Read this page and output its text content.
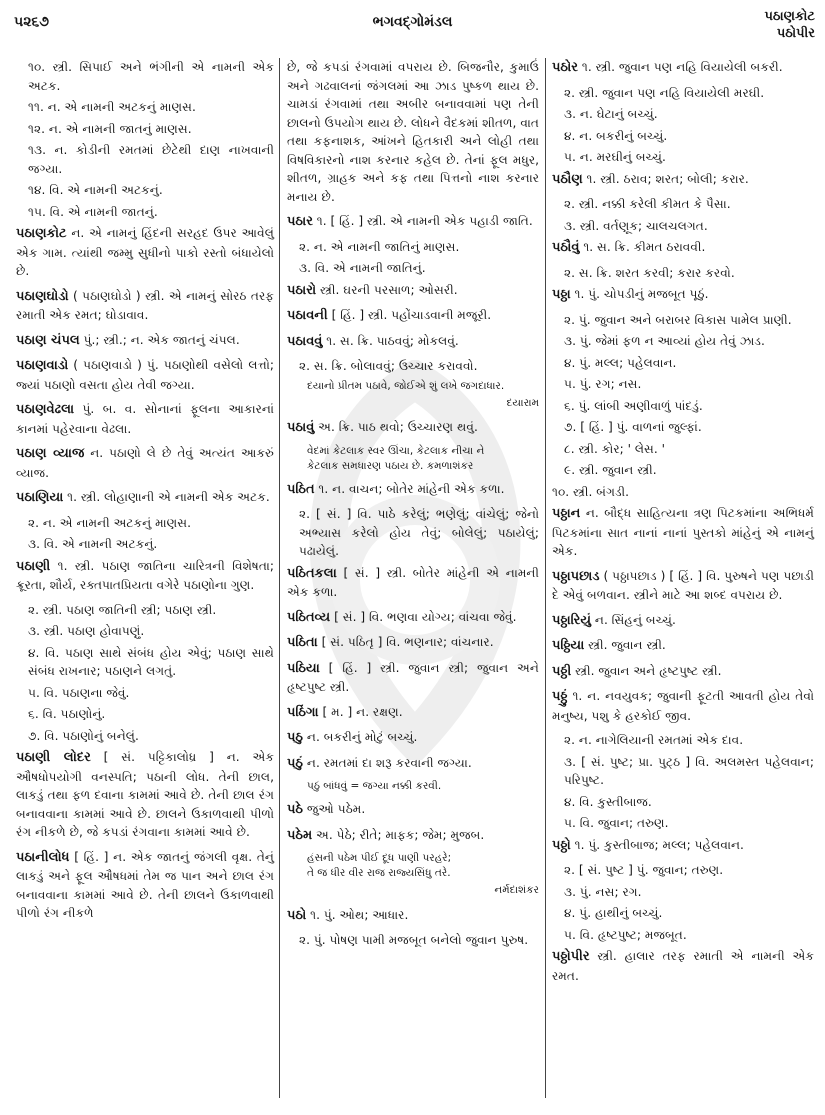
૫૨૬૭	ભગવદ્ગોમંડલ	પઠાણકોટ
પઠોપીર
૧૦. સ્ત્રી. સિપાઈ અને ભંગીની એ નામની એક અટક.
૧૧. ન. એ નામની અટકનું માણસ.
૧૨. ન. એ નામની જાતનું માણસ.
૧૩. ન. કોડીની રમતમાં છેટેથી દાણ નાખવાની જગ્યા.
૧૪. વિ. એ નામની અટકનું.
૧૫. વિ. એ નામની જાતનું.
પઠાણકોટ ન. એ નામનું હિંદની સરહદ ઉપર આવેલું એક ગામ. ત્યાંથી જમ્મુ સુધીનો પાકો રસ્તો બંધાયેલો છે.
પઠાણઘોડો ( પઠાણઘોડો ) સ્ત્રી. એ નામનું સોરઠ તરફ રમાતી એક રમત; ઘોડાવાવ.
પઠાણ ચંપલ પું.; સ્ત્રી.; ન. એક જાતનું ચંપલ.
પઠાણવાડો ( પઠાણવાડો ) પું. પઠાણોથી વસેલો લત્તો; જ્યાં પઠાણો વસતા હોય તેવી જગ્યા.
પઠાણવેઢલા પું. બ. વ. સોનાનાં ફૂલના આકારનાં કાનમાં પહેરવાના વેઢલા.
પઠાણ વ્યાજ ન. પઠાણો લે છે તેવું અત્યંત આકરું વ્યાજ.
પઠાણિયા ૧. સ્ત્રી. લોહાણાની એ નામની એક અટક.
૨. ન. એ નામની અટકનું માણસ.
૩. વિ. એ નામની અટકનું.
પઠાણી ૧. સ્ત્રી. પઠાણ જાતિના ચારિત્રની વિશેષતા; ક્રૂરતા, શૌર્ય, રક્તપાતપ્રિયતા વગેરે પઠાણોના ગુણ.
૨. સ્ત્રી. પઠાણ જાતિની સ્ત્રી; પઠાણ સ્ત્રી.
૩. સ્ત્રી. પઠાણ હોવાપણું.
૪. વિ. પઠાણ સાથે સંબંધ હોય એવું; પઠાણ સાથે સંબંધ રાખનાર; પઠાણને લગતું.
૫. વિ. પઠાણના જેવું.
૬. વિ. પઠાણોનું.
૭. વિ. પઠાણોનું બનેલું.
પઠાણી લોદર [ સં. પટ્ટિકાલોધ્ર ] ન. એક ઔષધોપયોગી વનસ્પતિ; પઠાની લોધ. તેની છાલ, લાકડું તથા ફળ દવાના કામમાં આવે છે. તેની છાલ રંગ બનાવવાના કામમાં આવે છે. છાલને ઉકાળવાથી પીળો રંગ નીકળે છે, જે કપડાં રંગવાના કામમાં આવે છે.
પઠાનીલોધ [ હિં. ] ન. એક જાતનું જંગલી વૃક્ષ. તેનું લાકડું અને ફૂલ ઔષધમાં તેમ જ પાન અને છાલ રંગ બનાવવાના કામમાં આવે છે. તેની છાલને ઉકાળવાથી પીળો રંગ નીકળે
છે, જે કપડાં રંગવામાં વપરાય છે. બિજનૌર, કુમાઉં અને ગઢવાલનાં જંગલમાં આ ઝાડ પુષ્કળ થાય છે. ચામડાં રંગવામાં તથા અબીર બનાવવામાં પણ તેની છાલનો ઉપયોગ થાય છે. લોધને વૈદકમાં શીતળ, વાત તથા કફનાશક, આંખને હિતકારી અને લોહી તથા વિષવિકારનો નાશ કરનાર કહેલ છે. તેનાં ફૂલ મધુર, શીતળ, ગ્રાહક અને કફ તથા પિત્તનો નાશ કરનાર મનાય છે.
પઠાર ૧. [ હિં. ] સ્ત્રી. એ નામની એક પહાડી જાતિ.
૨. ન. એ નામની જાતિનું માણસ.
૩. વિ. એ નામની જાતિનું.
પઠારો સ્ત્રી. ઘરની પરસાળ; ઓસરી.
પઠાવની [ હિં. ] સ્ત્રી. પહોંચાડવાની મજૂરી.
પઠાવવું ૧. સ. ક્રિ. પાઠવવું; મોકલવું.
૨. સ. ક્રિ. બોલાવવું; ઉચ્ચાર કરાવવો.
દયાનો પ્રીતમ પઠાવે, જોઈએ શું લખે જગદાધાર.
દયારામ
પઠાવું અ. ક્રિ. પાઠ થવો; ઉચ્ચારણ થવું.
વેદમાં કેટલાક સ્વર ઊંચા, કેટલાક નીચા ને
કેટલાક સમધારણ પઠાય છે. કમળાશંકર
પઠિત ૧. ન. વાચન; બોતેર માંહેની એક કળા.
૨. [ સં. ] વિ. પાઠે કરેલું; ભણેલું; વાંચેલું; જેનો અભ્યાસ કરેલો હોય તેવું; બોલેલું; પઠાયેલું; પઢાયેલું.
પઠિતકલા [ સં. ] સ્ત્રી. બોતેર માંહેની એ નામની એક કળા.
પઠિતવ્ય [ સં. ] વિ. ભણવા યોગ્ય; વાંચવા જેવું.
પઠિતા [ સં. પઠિતૃ ] વિ. ભણનાર; વાંચનાર.
પઠિયા [ હિં. ] સ્ત્રી. જુવાન સ્ત્રી; જુવાન અને હૃષ્ટપુષ્ટ સ્ત્રી.
પઠિંગા [ મ. ] ન. રક્ષણ.
પઠુ ન. બકરીનું મોટું બચ્ચું.
પઠું ન. રમતમાં દા શરૂ કરવાની જગ્યા.
પઠું બાંધવું = જગ્યા નક્કી કરવી.
પઠે જુઓ પઠેમ.
પઠેમ અ. પેઠે; રીતે; માફક; જેમ; મુજબ.
હંસની પઠેમ પીઈ દૂધ પાણી પરહરે;
તે જ ધીર વીર રાજ રાજ્યસિંધુ તરે.
નર્મદાશંકર
પઠો ૧. પું. ઓથ; આધાર.
૨. પું. પોષણ પામી મજબૂત બનેલો જુવાન પુરુષ.
પઠોર ૧. સ્ત્રી. જુવાન પણ નહિ વિયાયેલી બકરી.
૨. સ્ત્રી. જુવાન પણ નહિ વિયાયેલી મરઘી.
૩. ન. ઘેટાનું બચ્ચું.
૪. ન. બકરીનું બચ્ચું.
૫. ન. મરઘીનું બચ્ચું.
પઠૌણ ૧. સ્ત્રી. ઠરાવ; શરત; બોલી; કરાર.
૨. સ્ત્રી. નક્કી કરેલી કીમત કે પૈસા.
૩. સ્ત્રી. વર્તણૂક; ચાલચલગત.
પઠૌવું ૧. સ. ક્રિ. કીમત ઠરાવવી.
૨. સ. ક્રિ. શરત કરવી; કરાર કરવો.
પઠ્ઠા ૧. પું. ચોપડીનું મજબૂત પૂઠું.
૨. પું. જુવાન અને બરાબર વિકાસ પામેલ પ્રાણી.
૩. પું. જેમાં ફળ ન આવ્યાં હોય તેવું ઝાડ.
૪. પું. મલ્લ; પહેલવાન.
૫. પું. રગ; નસ.
૬. પું. લાંબી અણીવાળું પાંદડું.
૭. [ હિં. ] પું. વાળનાં જુલ્ફાં.
૮. સ્ત્રી. કોર; ' લેસ. '
૯. સ્ત્રી. જુવાન સ્ત્રી.
૧૦. સ્ત્રી. બંગડી.
પઠ્ઠાન ન. બૌદ્ધ સાહિત્યના ત્રણ પિટકમાંના અભિધર્મ પિટકમાંના સાત નાનાં નાનાં પુસ્તકો માંહેનું એ નામનું એક.
પઠ્ઠાપછાડ ( પઠ્ઠાપછાડ ) [ હિં. ] વિ. પુરુષને પણ પછાડી દે એવું બળવાન. સ્ત્રીને માટે આ શબ્દ વપરાય છે.
પઠ્ઠારિયું ન. સિંહનું બચ્ચું.
પઠ્ઠિયા સ્ત્રી. જુવાન સ્ત્રી.
પઠ્ઠી સ્ત્રી. જુવાન અને હૃષ્ટપુષ્ટ સ્ત્રી.
પઠ્ઠું ૧. ન. નવયુવક; જુવાની ફૂટતી આવતી હોય તેવો મનુષ્ય, પશુ કે હરકોઈ જીવ.
૨. ન. નાગેલિયાની રમતમાં એક દાવ.
૩. [ સં. પુષ્ટ; પ્રા. પુટ્ઠ ] વિ. અલમસ્ત પહેલવાન; પરિપુષ્ટ.
૪. વિ. કુસ્તીબાજ.
૫. વિ. જુવાન; તરુણ.
પઠ્ઠો ૧. પું. કુસ્તીબાજ; મલ્લ; પહેલવાન.
૨. [ સં. પુષ્ટ ] પું. જુવાન; તરુણ.
૩. પું. નસ; રગ.
૪. પું. હાથીનું બચ્ચું.
૫. વિ. હૃષ્ટપુષ્ટ; મજબૂત.
પઠ્ઠોપીર સ્ત્રી. હાલાર તરફ રમાતી એ નામની એક રમત.
